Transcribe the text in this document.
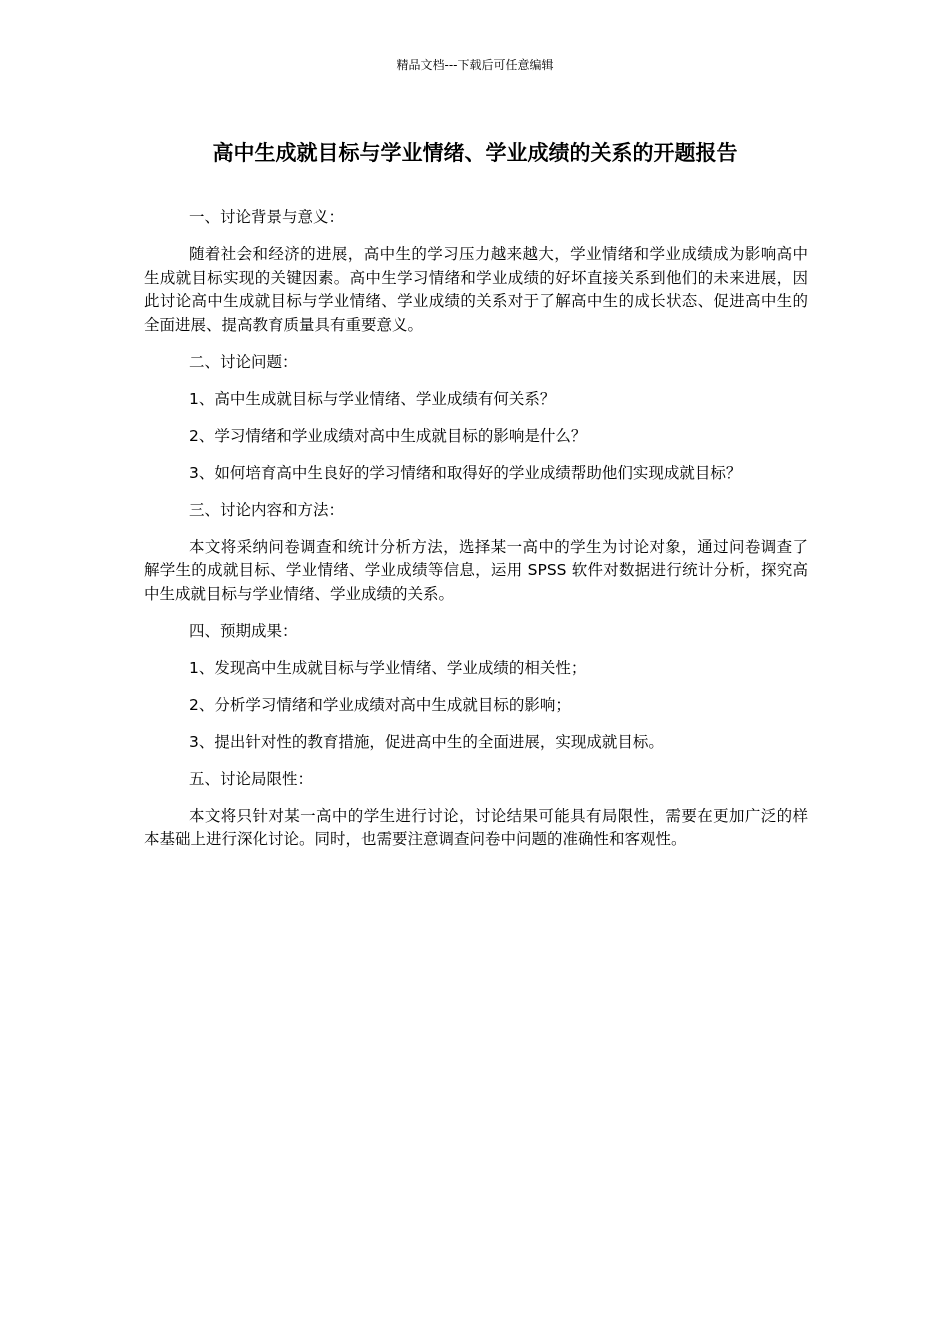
精品文档---下载后可任意编辑
高中生成就目标与学业情绪、学业成绩的关系的开题报告

一、讨论背景与意义：

随着社会和经济的进展，高中生的学习压力越来越大，学业情绪和学业成绩成为影响高中生成就目标实现的关键因素。高中生学习情绪和学业成绩的好坏直接关系到他们的未来进展，因此讨论高中生成就目标与学业情绪、学业成绩的关系对于了解高中生的成长状态、促进高中生的全面进展、提高教育质量具有重要意义。

二、讨论问题：

1、高中生成就目标与学业情绪、学业成绩有何关系？

2、学习情绪和学业成绩对高中生成就目标的影响是什么？

3、如何培育高中生良好的学习情绪和取得好的学业成绩帮助他们实现成就目标？

三、讨论内容和方法：

本文将采纳问卷调查和统计分析方法，选择某一高中的学生为讨论对象，通过问卷调查了解学生的成就目标、学业情绪、学业成绩等信息，运用 SPSS 软件对数据进行统计分析，探究高中生成就目标与学业情绪、学业成绩的关系。

四、预期成果：

1、发现高中生成就目标与学业情绪、学业成绩的相关性；

2、分析学习情绪和学业成绩对高中生成就目标的影响；

3、提出针对性的教育措施，促进高中生的全面进展，实现成就目标。

五、讨论局限性：

本文将只针对某一高中的学生进行讨论，讨论结果可能具有局限性，需要在更加广泛的样本基础上进行深化讨论。同时，也需要注意调查问卷中问题的准确性和客观性。
